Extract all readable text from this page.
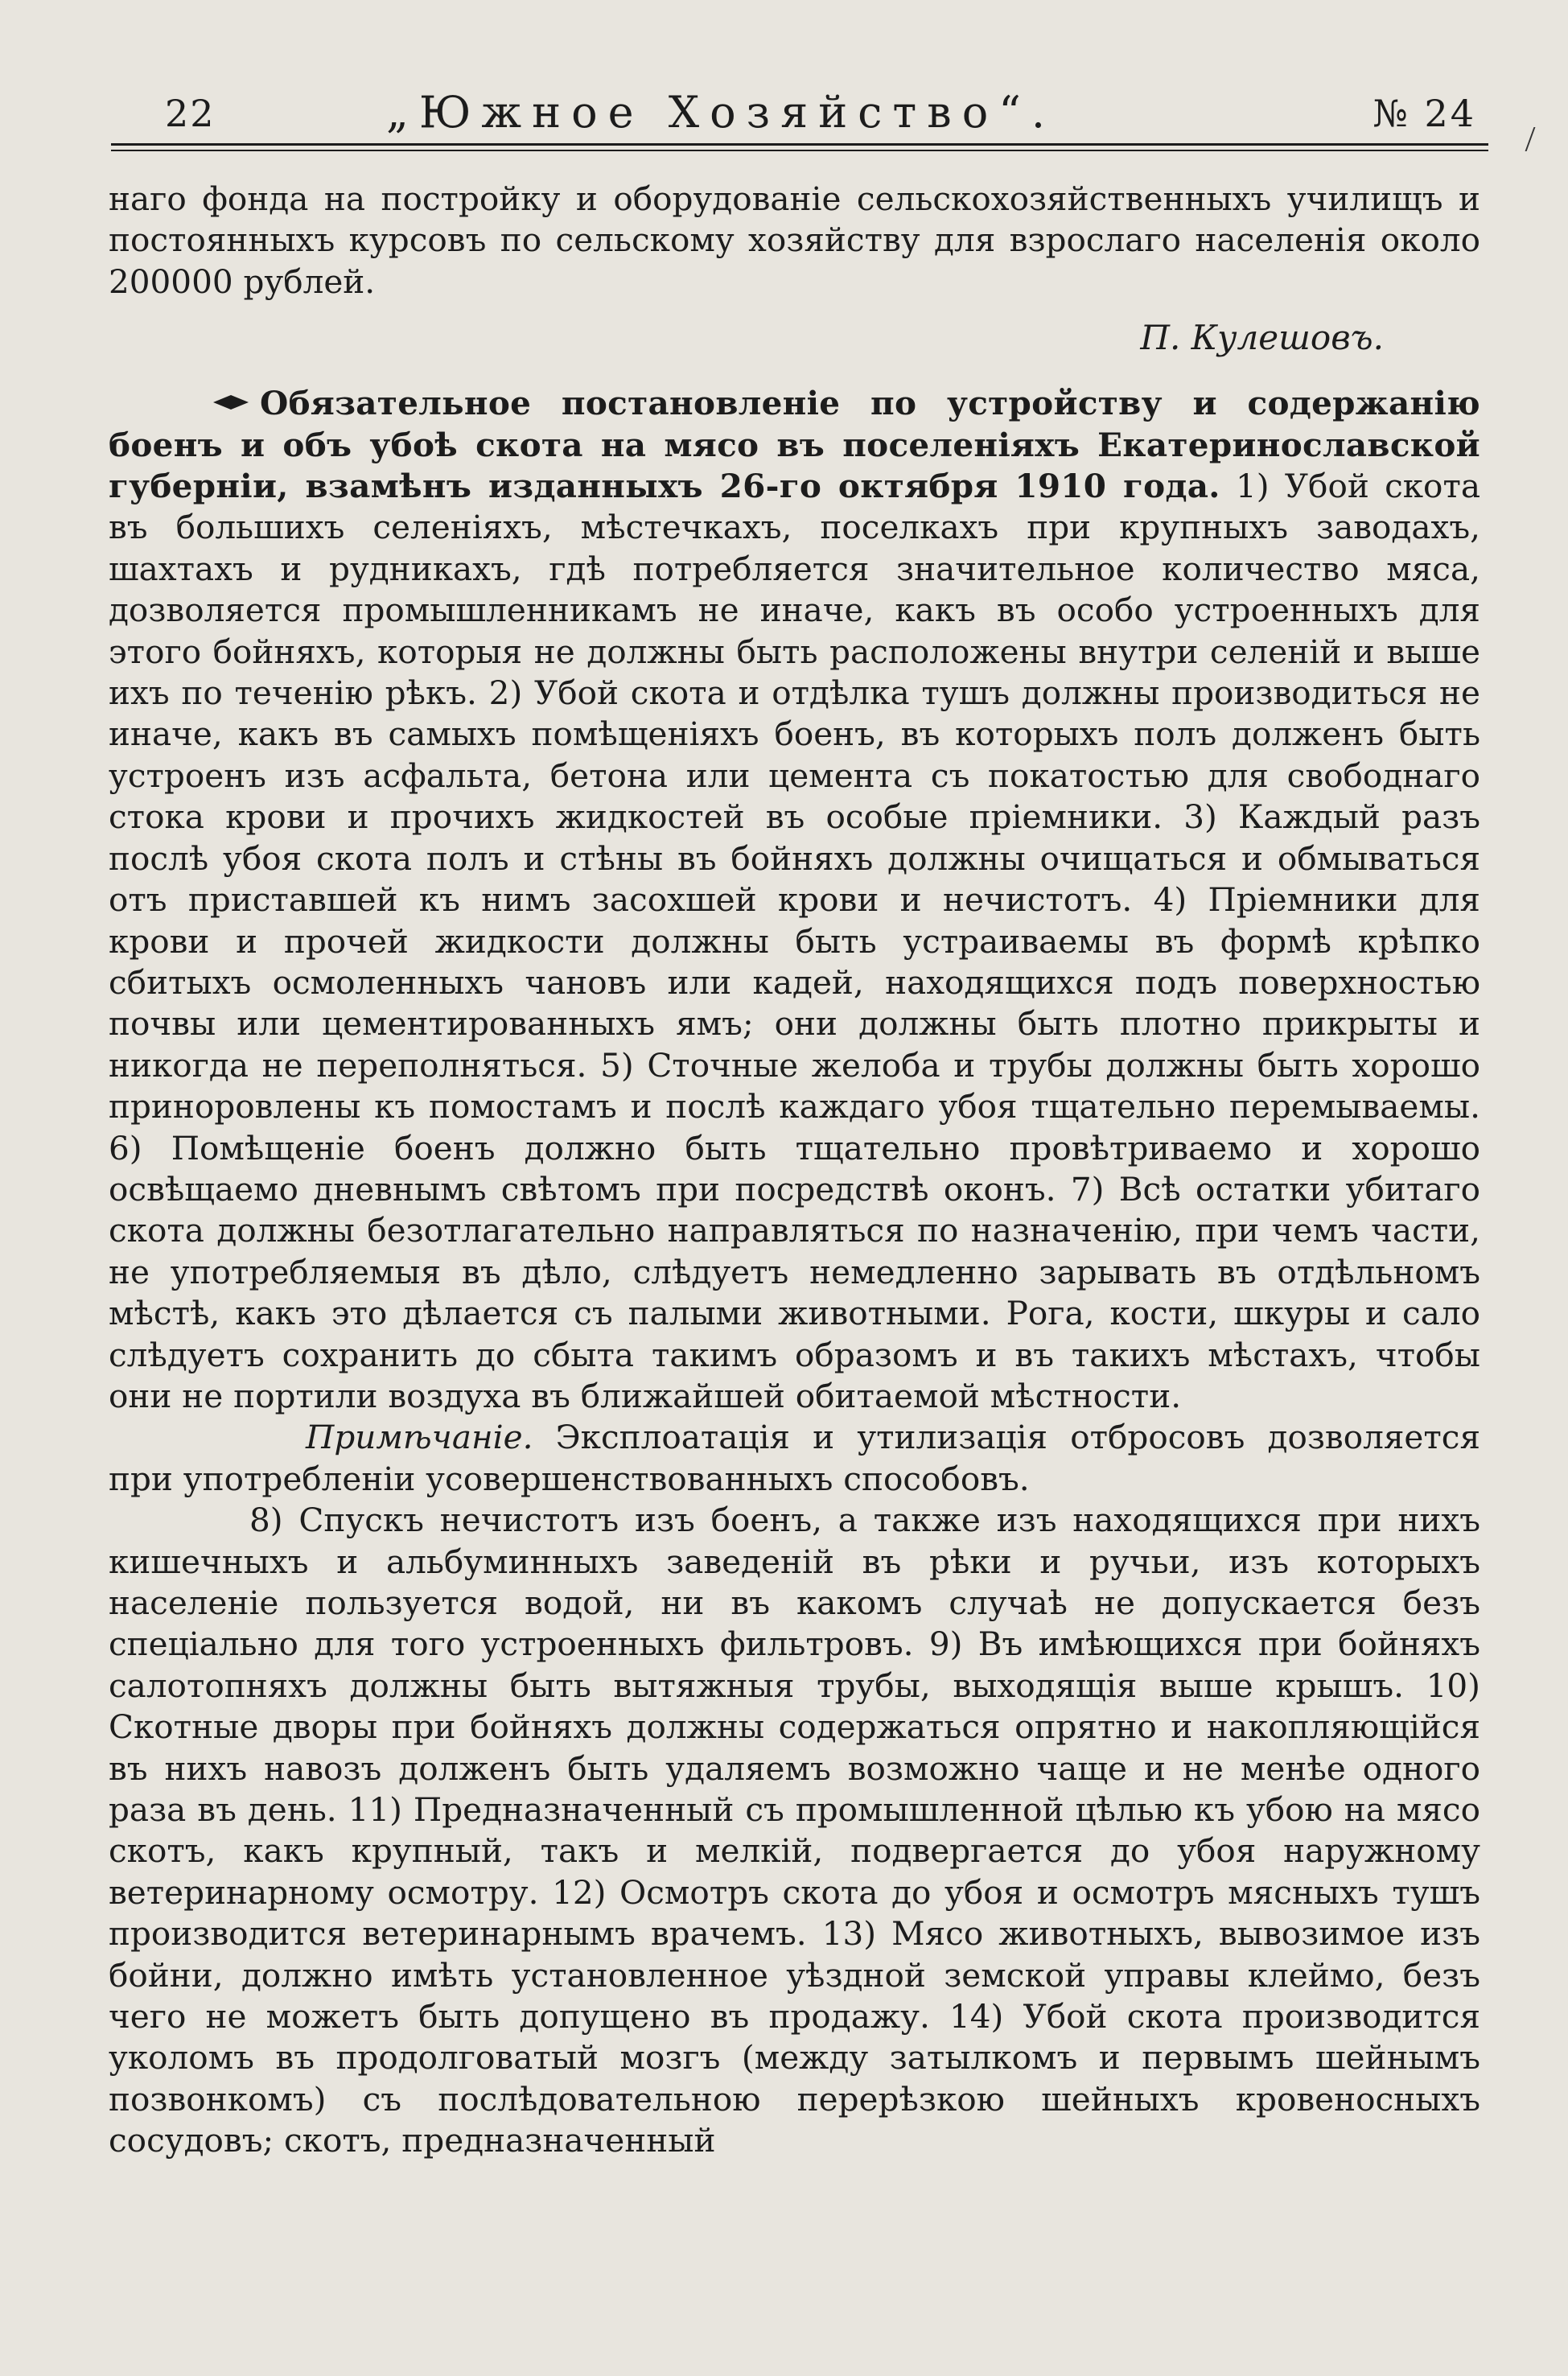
22	„Южное Хозяйство“.	№ 24

наго фонда на постройку и оборудованіе сельскохозяйственныхъ училищъ и постоянныхъ курсовъ по сельскому хозяйству для взрослаго населенія около 200000 рублей.

П. Кулешовъ.

Обязательное постановленіе по устройству и содержанію боенъ и объ убоѣ скота на мясо въ поселеніяхъ Екатеринославской губерніи, взамѣнъ изданныхъ 26-го октября 1910 года. 1) Убой скота въ большихъ селеніяхъ, мѣстечкахъ, поселкахъ при крупныхъ заводахъ, шахтахъ и рудникахъ, гдѣ потребляется значительное количество мяса, дозволяется промышленникамъ не иначе, какъ въ особо устроенныхъ для этого бойняхъ, которыя не должны быть расположены внутри селеній и выше ихъ по теченію рѣкъ. 2) Убой скота и отдѣлка тушъ должны производиться не иначе, какъ въ самыхъ помѣщеніяхъ боенъ, въ которыхъ полъ долженъ быть устроенъ изъ асфальта, бетона или цемента съ покатостью для свободнаго стока крови и прочихъ жидкостей въ особые пріемники. 3) Каждый разъ послѣ убоя скота полъ и стѣны въ бойняхъ должны очищаться и обмываться отъ приставшей къ нимъ засохшей крови и нечистотъ. 4) Пріемники для крови и прочей жидкости должны быть устраиваемы въ формѣ крѣпко сбитыхъ осмоленныхъ чановъ или кадей, находящихся подъ поверхностью почвы или цементированныхъ ямъ; они должны быть плотно прикрыты и никогда не переполняться. 5) Сточные желоба и трубы должны быть хорошо приноровлены къ помостамъ и послѣ каждаго убоя тщательно перемываемы. 6) Помѣщеніе боенъ должно быть тщательно провѣтриваемо и хорошо освѣщаемо дневнымъ свѣтомъ при посредствѣ оконъ. 7) Всѣ остатки убитаго скота должны безотлагательно направляться по назначенію, при чемъ части, не употребляемыя въ дѣло, слѣдуетъ немедленно зарывать въ отдѣльномъ мѣстѣ, какъ это дѣлается съ палыми животными. Рога, кости, шкуры и сало слѣдуетъ сохранить до сбыта такимъ образомъ и въ такихъ мѣстахъ, чтобы они не портили воздуха въ ближайшей обитаемой мѣстности.

Примѣчаніе. Эксплоатація и утилизація отбросовъ дозволяется при употребленіи усовершенствованныхъ способовъ.

8) Спускъ нечистотъ изъ боенъ, а также изъ находящихся при нихъ кишечныхъ и альбуминныхъ заведеній въ рѣки и ручьи, изъ которыхъ населеніе пользуется водой, ни въ какомъ случаѣ не допускается безъ спеціально для того устроенныхъ фильтровъ. 9) Въ имѣющихся при бойняхъ салотопняхъ должны быть вытяжныя трубы, выходящія выше крышъ. 10) Скотные дворы при бойняхъ должны содержаться опрятно и накопляющійся въ нихъ навозъ долженъ быть удаляемъ возможно чаще и не менѣе одного раза въ день. 11) Предназначенный съ промышленной цѣлью къ убою на мясо скотъ, какъ крупный, такъ и мелкій, подвергается до убоя наружному ветеринарному осмотру. 12) Осмотръ скота до убоя и осмотръ мясныхъ тушъ производится ветеринарнымъ врачемъ. 13) Мясо животныхъ, вывозимое изъ бойни, должно имѣть установленное уѣздной земской управы клеймо, безъ чего не можетъ быть допущено въ продажу. 14) Убой скота производится уколомъ въ продолговатый мозгъ (между затылкомъ и первымъ шейнымъ позвонкомъ) съ послѣдовательною перерѣзкою шейныхъ кровеносныхъ сосудовъ; скотъ, предназначенный
